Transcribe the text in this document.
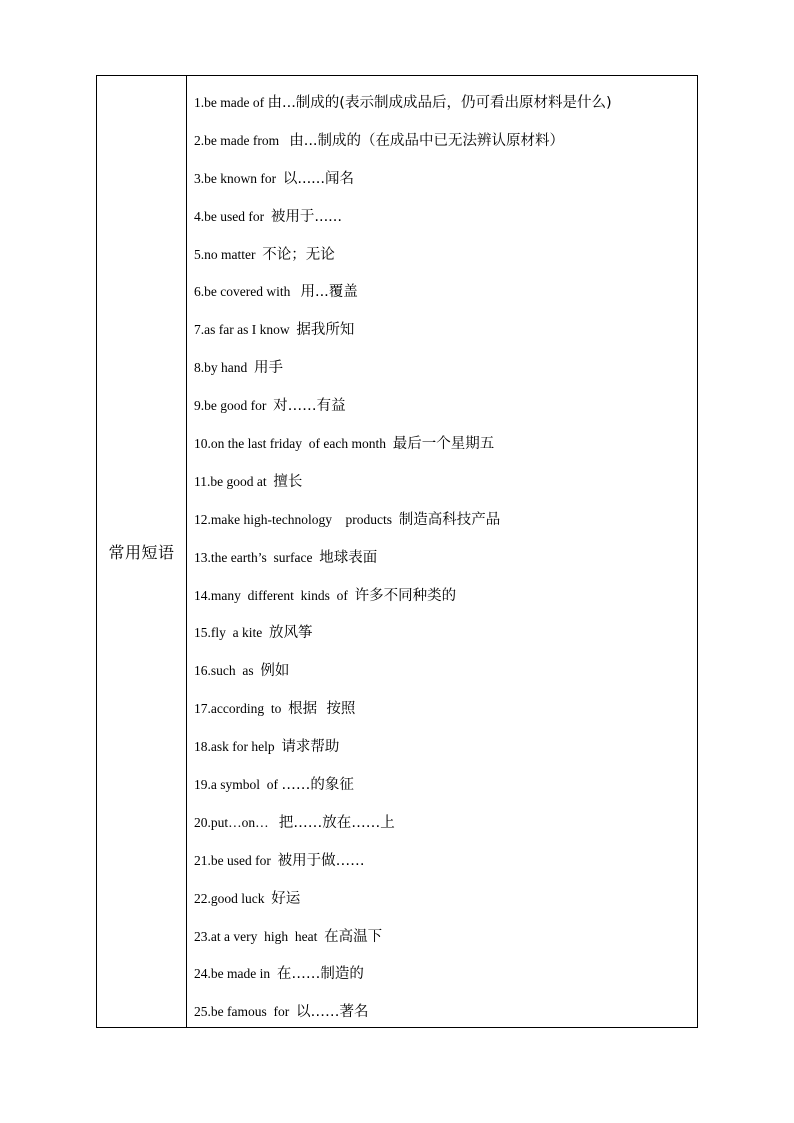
常用短语
1.be made of 由...制成的(表示制成成品后，仍可看出原材料是什么)
2.be made from   由...制成的（在成品中已无法辨认原材料）
3.be known for  以......闻名
4.be used for  被用于......
5.no matter  不论；无论
6.be covered with   用...覆盖
7.as far as I know  据我所知
8.by hand  用手
9.be good for  对……有益
10.on the last friday  of each month  最后一个星期五
11.be good at  擅长
12.make high-technology    products  制造高科技产品
13.the earth’s  surface  地球表面
14.many  different  kinds  of  许多不同种类的
15.fly  a kite  放风筝
16.such  as  例如
17.according  to  根据  按照
18.ask for help  请求帮助
19.a symbol  of ……的象征
20.put…on…   把……放在……上
21.be used for  被用于做……
22.good luck  好运
23.at a very  high  heat  在高温下
24.be made in  在……制造的
25.be famous  for  以……著名
